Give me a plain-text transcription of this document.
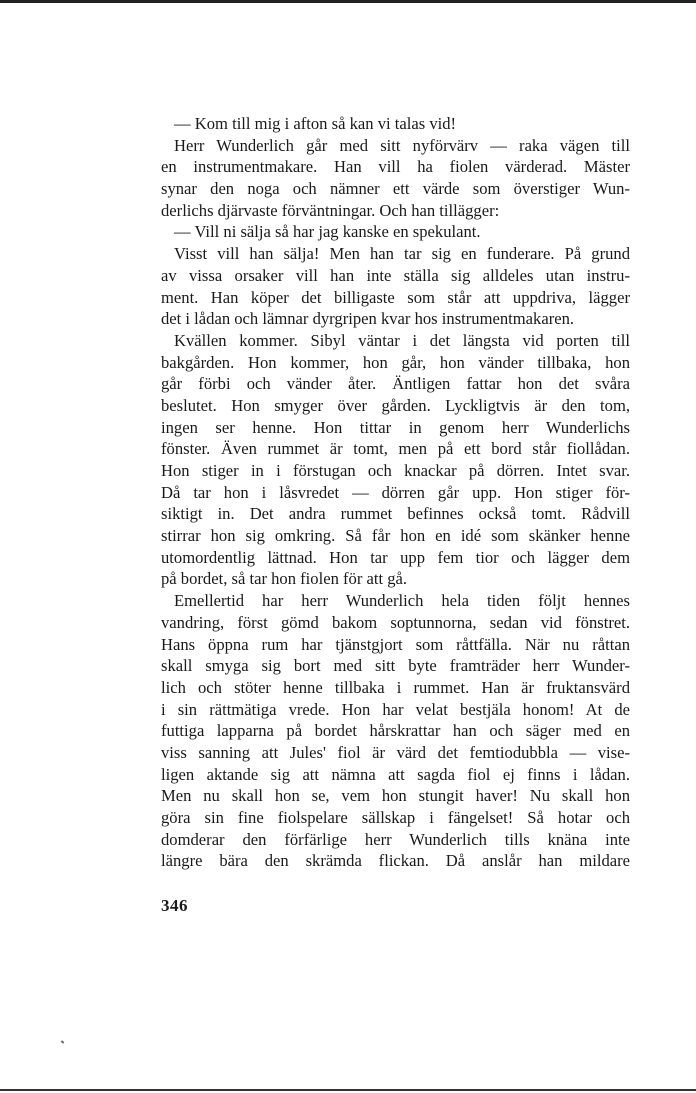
— Kom till mig i afton så kan vi talas vid!
Herr Wunderlich går med sitt nyförvärv — raka vägen till
en instrumentmakare. Han vill ha fiolen värderad. Mäster
synar den noga och nämner ett värde som överstiger Wun-
derlichs djärvaste förväntningar. Och han tillägger:
— Vill ni sälja så har jag kanske en spekulant.
Visst vill han sälja! Men han tar sig en funderare. På grund
av vissa orsaker vill han inte ställa sig alldeles utan instru-
ment. Han köper det billigaste som står att uppdriva, lägger
det i lådan och lämnar dyrgripen kvar hos instrumentmakaren.
Kvällen kommer. Sibyl väntar i det längsta vid porten till
bakgården. Hon kommer, hon går, hon vänder tillbaka, hon
går förbi och vänder åter. Äntligen fattar hon det svåra
beslutet. Hon smyger över gården. Lyckligtvis är den tom,
ingen ser henne. Hon tittar in genom herr Wunderlichs
fönster. Även rummet är tomt, men på ett bord står fiollådan.
Hon stiger in i förstugan och knackar på dörren. Intet svar.
Då tar hon i låsvredet — dörren går upp. Hon stiger för-
siktigt in. Det andra rummet befinnes också tomt. Rådvill
stirrar hon sig omkring. Så får hon en idé som skänker henne
utomordentlig lättnad. Hon tar upp fem tior och lägger dem
på bordet, så tar hon fiolen för att gå.
Emellertid har herr Wunderlich hela tiden följt hennes
vandring, först gömd bakom soptunnorna, sedan vid fönstret.
Hans öppna rum har tjänstgjort som råttfälla. När nu råttan
skall smyga sig bort med sitt byte framträder herr Wunder-
lich och stöter henne tillbaka i rummet. Han är fruktansvärd
i sin rättmätiga vrede. Hon har velat bestjäla honom! At de
futtiga lapparna på bordet hårskrattar han och säger med en
viss sanning att Jules' fiol är värd det femtiodubbla — vise-
ligen aktande sig att nämna att sagda fiol ej finns i lådan.
Men nu skall hon se, vem hon stungit haver! Nu skall hon
göra sin fine fiolspelare sällskap i fängelset! Så hotar och
domderar den förfärlige herr Wunderlich tills knäna inte
längre bära den skrämda flickan. Då anslår han mildare
346
